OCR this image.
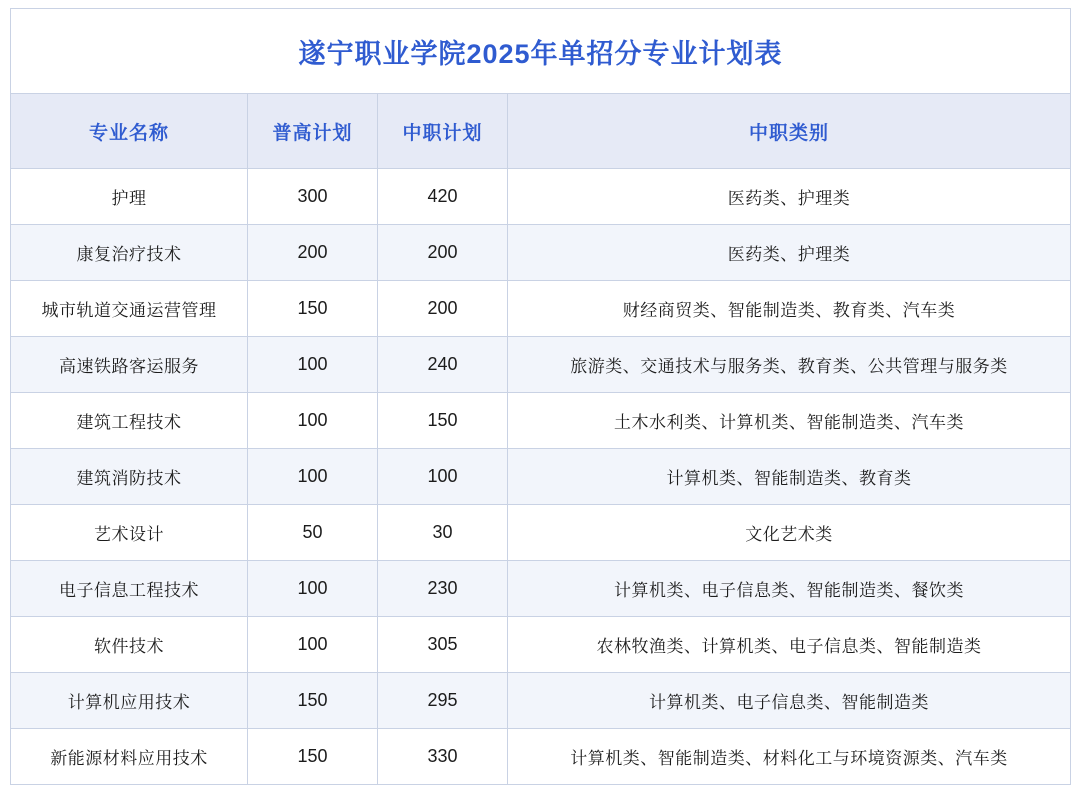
遂宁职业学院2025年单招分专业计划表			
专业名称	普高计划	中职计划	中职类别
护理	300	420	医药类、护理类
康复治疗技术	200	200	医药类、护理类
城市轨道交通运营管理	150	200	财经商贸类、智能制造类、教育类、汽车类
高速铁路客运服务	100	240	旅游类、交通技术与服务类、教育类、公共管理与服务类
建筑工程技术	100	150	土木水利类、计算机类、智能制造类、汽车类
建筑消防技术	100	100	计算机类、智能制造类、教育类
艺术设计	50	30	文化艺术类
电子信息工程技术	100	230	计算机类、电子信息类、智能制造类、餐饮类
软件技术	100	305	农林牧渔类、计算机类、电子信息类、智能制造类
计算机应用技术	150	295	计算机类、电子信息类、智能制造类
新能源材料应用技术	150	330	计算机类、智能制造类、材料化工与环境资源类、汽车类
